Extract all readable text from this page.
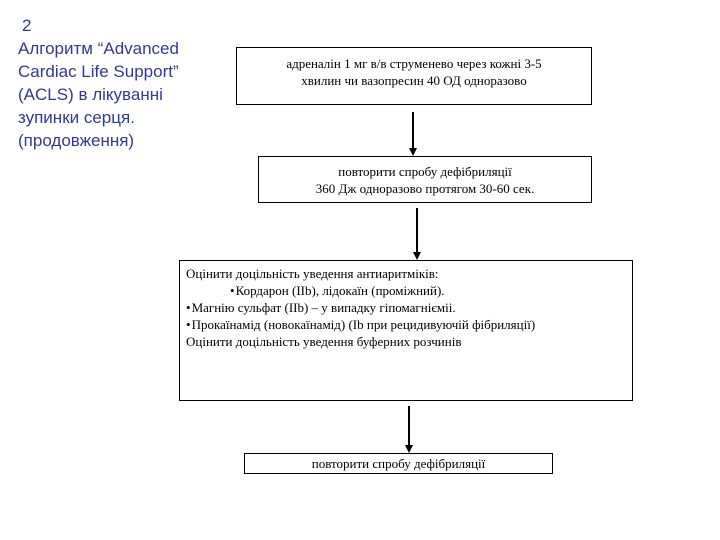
2
Алгоритм “Advanced
Cardiac Life Support”
(ACLS) в лікуванні
зупинки серця.
(продовження)
адреналін 1 мг в/в струменево через кожні 3-5
хвилин чи вазопресин 40 ОД одноразово
повторити спробу дефібриляції
360 Дж одноразово протягом 30-60 сек.
Оцінити доцільність уведення антиаритміків:
• Кордарон (IIb), лідокаїн (проміжний).
• Магнію сульфат (IIb) – у випадку гіпомагнієміі.
• Прокаїнамід (новокаїнамід) (Ib при рецидивуючій фібриляції)
Оцінити доцільність уведення буферних розчинів
повторити спробу дефібриляції
